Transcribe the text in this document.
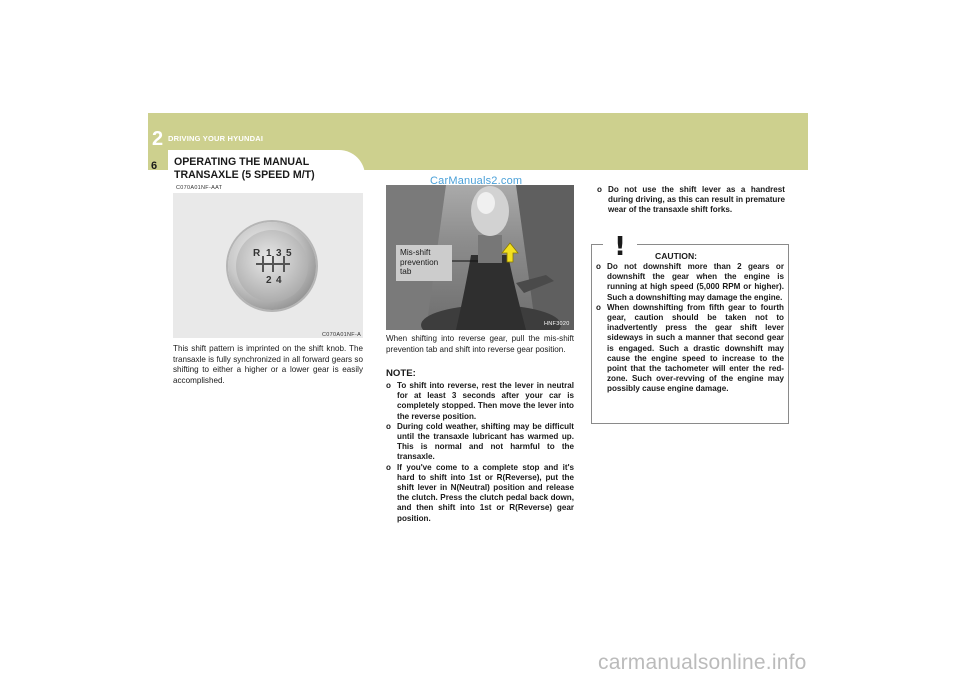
2 DRIVING YOUR HYUNDAI
6 OPERATING THE MANUAL
TRANSAXLE (5 SPEED M/T)
C070A01NF-AAT
R 1 3 5
2 4
C070A01NF-A
This shift pattern is imprinted on the shift knob. The transaxle is fully synchronized in all forward gears so shifting to either a higher or a lower gear is easily accomplished.
Mis-shift
prevention
tab
HNF3020
CarManuals2.com
When shifting into reverse gear, pull the mis-shift prevention tab and shift into reverse gear position.
NOTE:
o To shift into reverse, rest the lever in neutral for at least 3 seconds after your car is completely stopped. Then move the lever into the reverse position.
o During cold weather, shifting may be difficult until the transaxle lubricant has warmed up. This is normal and not harmful to the transaxle.
o If you've come to a complete stop and it's hard to shift into 1st or R(Reverse), put the shift lever in N(Neutral) position and release the clutch. Press the clutch pedal back down, and then shift into 1st or R(Reverse) gear position.
o Do not use the shift lever as a handrest during driving, as this can result in premature wear of the transaxle shift forks.
!	CAUTION:
o Do not downshift more than 2 gears or downshift the gear when the engine is running at high speed (5,000 RPM or higher). Such a downshifting may damage the engine.
o When downshifting from fifth gear to fourth gear, caution should be taken not to inadvertently press the gear shift lever sideways in such a manner that second gear is engaged. Such a drastic downshift may cause the engine speed to increase to the point that the tachometer will enter the red-zone. Such over-revving of the engine may possibly cause engine damage.
carmanualsonline.info
